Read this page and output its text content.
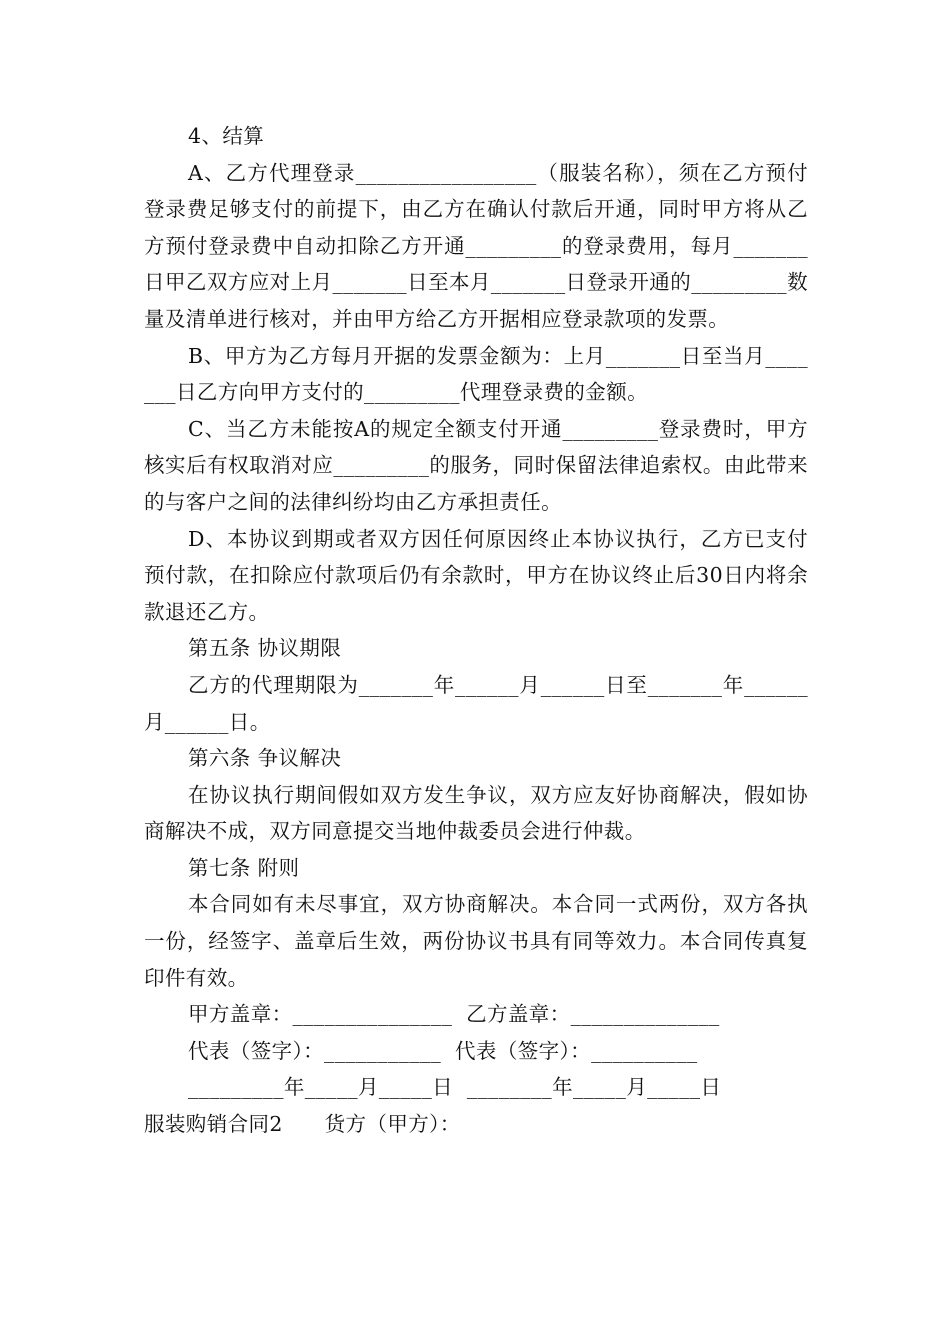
4、结算

A、乙方代理登录_________________（服装名称），须在乙方预付登录费足够支付的前提下，由乙方在确认付款后开通，同时甲方将从乙方预付登录费中自动扣除乙方开通_________的登录费用，每月_______日甲乙双方应对上月_______日至本月_______日登录开通的_________数量及清单进行核对，并由甲方给乙方开据相应登录款项的发票。

B、甲方为乙方每月开据的发票金额为：上月_______日至当月_______日乙方向甲方支付的_________代理登录费的金额。

C、当乙方未能按A的规定全额支付开通_________登录费时，甲方核实后有权取消对应_________的服务，同时保留法律追索权。由此带来的与客户之间的法律纠纷均由乙方承担责任。

D、本协议到期或者双方因任何原因终止本协议执行，乙方已支付预付款，在扣除应付款项后仍有余款时，甲方在协议终止后30日内将余款退还乙方。

第五条 协议期限

乙方的代理期限为_______年______月______日至_______年______月______日。

第六条 争议解决

在协议执行期间假如双方发生争议，双方应友好协商解决，假如协商解决不成，双方同意提交当地仲裁委员会进行仲裁。

第七条 附则

本合同如有未尽事宜，双方协商解决。本合同一式两份，双方各执一份，经签字、盖章后生效，两份协议书具有同等效力。本合同传真复印件有效。

甲方盖章：_______________  乙方盖章：______________

代表（签字）：___________  代表（签字）：__________

_________年_____月_____日  ________年_____月_____日

服装购销合同2　　货方（甲方）：
